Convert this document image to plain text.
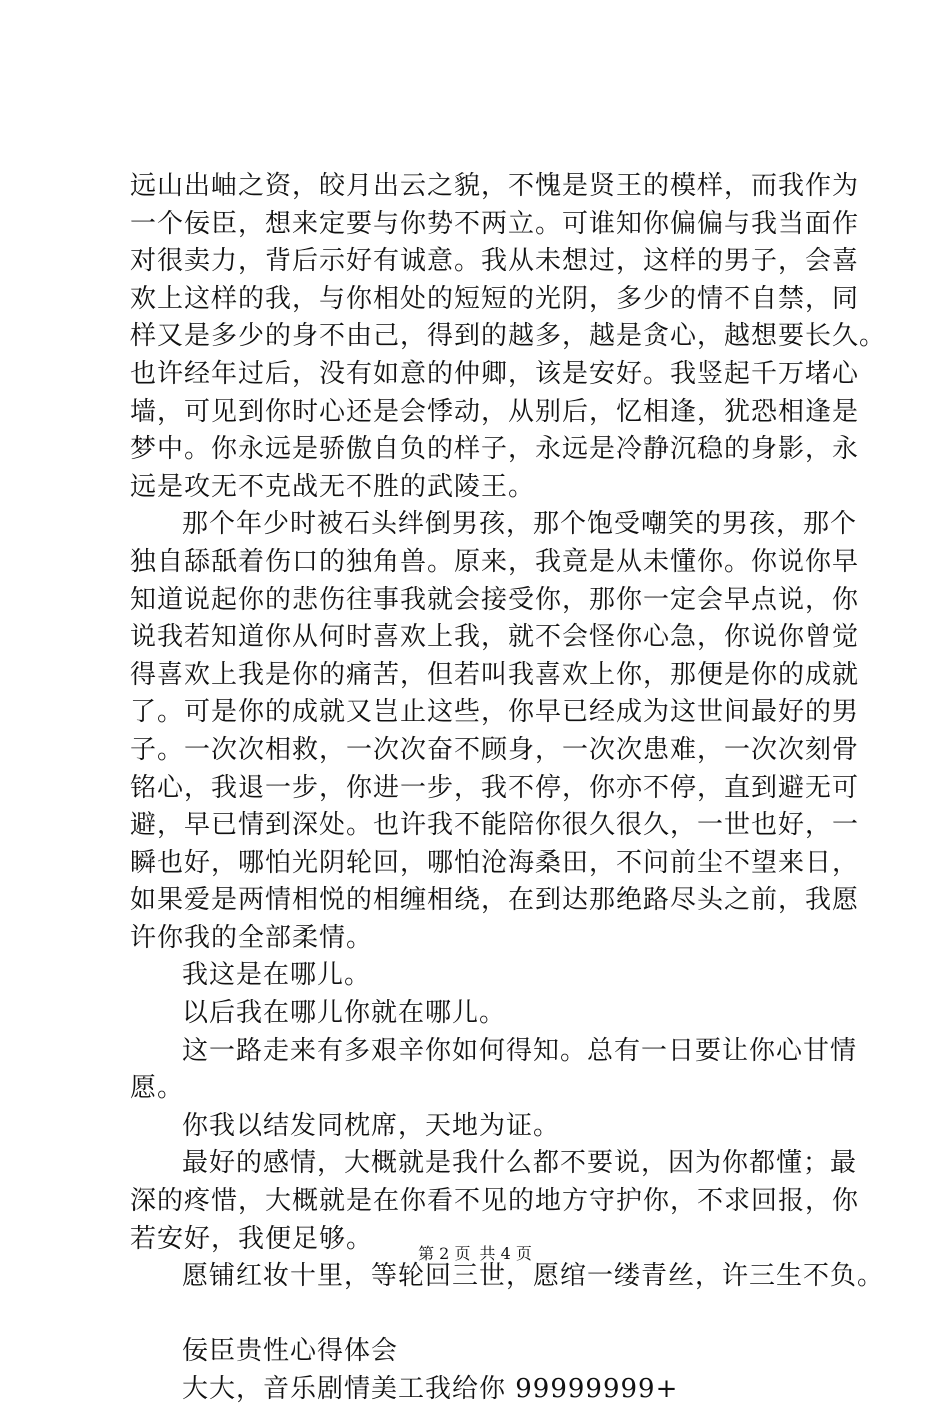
远山出岫之资，皎月出云之貌，不愧是贤王的模样，而我作为
一个佞臣，想来定要与你势不两立。可谁知你偏偏与我当面作
对很卖力，背后示好有诚意。我从未想过，这样的男子，会喜
欢上这样的我，与你相处的短短的光阴，多少的情不自禁，同
样又是多少的身不由己，得到的越多，越是贪心，越想要长久。
也许经年过后，没有如意的仲卿，该是安好。我竖起千万堵心
墙，可见到你时心还是会悸动，从别后，忆相逢，犹恐相逢是
梦中。你永远是骄傲自负的样子，永远是冷静沉稳的身影，永
远是攻无不克战无不胜的武陵王。
那个年少时被石头绊倒男孩，那个饱受嘲笑的男孩，那个
独自舔舐着伤口的独角兽。原来，我竟是从未懂你。你说你早
知道说起你的悲伤往事我就会接受你，那你一定会早点说，你
说我若知道你从何时喜欢上我，就不会怪你心急，你说你曾觉
得喜欢上我是你的痛苦，但若叫我喜欢上你，那便是你的成就
了。可是你的成就又岂止这些，你早已经成为这世间最好的男
子。一次次相救，一次次奋不顾身，一次次患难，一次次刻骨
铭心，我退一步，你进一步，我不停，你亦不停，直到避无可
避，早已情到深处。也许我不能陪你很久很久，一世也好，一
瞬也好，哪怕光阴轮回，哪怕沧海桑田，不问前尘不望来日，
如果爱是两情相悦的相缠相绕，在到达那绝路尽头之前，我愿
许你我的全部柔情。
我这是在哪儿。
以后我在哪儿你就在哪儿。
这一路走来有多艰辛你如何得知。总有一日要让你心甘情
愿。
你我以结发同枕席，天地为证。
最好的感情，大概就是我什么都不要说，因为你都懂；最
深的疼惜，大概就是在你看不见的地方守护你，不求回报，你
若安好，我便足够。
愿铺红妆十里，等轮回三世，愿绾一缕青丝，许三生不负。
佞臣贵性心得体会
大大，音乐剧情美工我给你 99999999+
第 2 页 共 4 页
